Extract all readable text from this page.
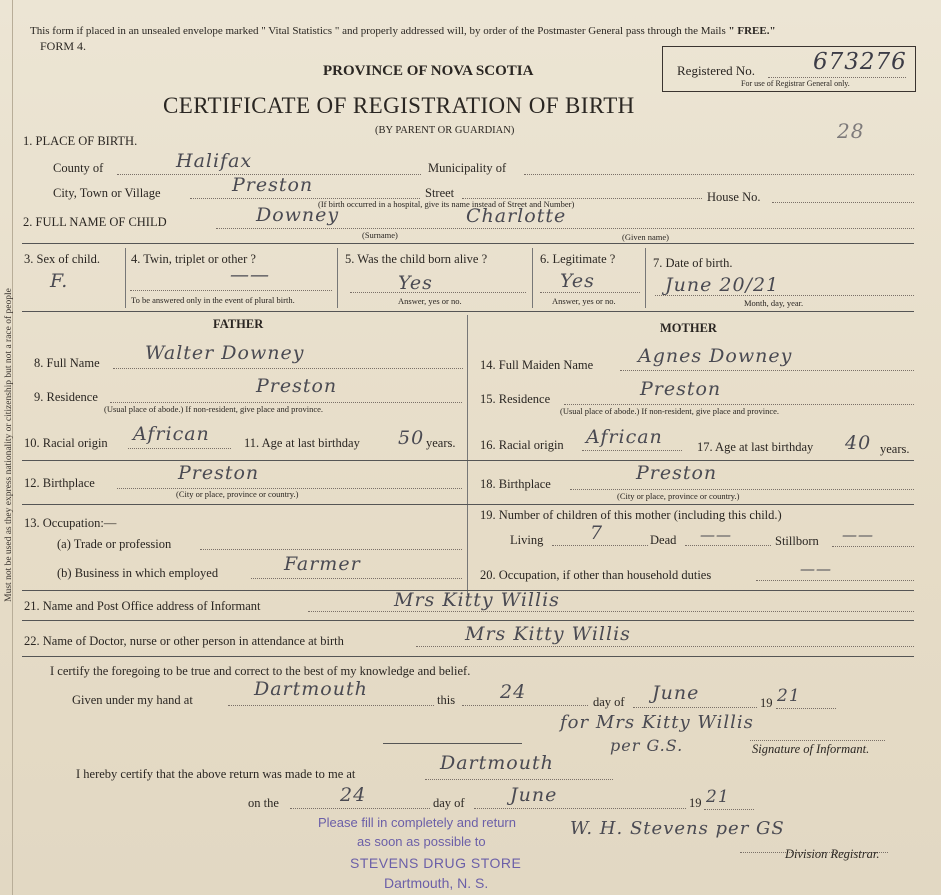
Must not be used as they express nationality or citizenship but not a race of people
This form if placed in an unsealed envelope marked " Vital Statistics " and properly addressed will, by order of the Postmaster General pass through the Mails " FREE."
FORM 4.
PROVINCE OF NOVA SCOTIA
CERTIFICATE OF REGISTRATION OF BIRTH
(BY PARENT OR GUARDIAN)
Registered No.	673276
For use of Registrar General only.
28
1. PLACE OF BIRTH.
County of	Halifax	Municipality of
City, Town or Village	Preston	Street	House No.
(If birth occurred in a hospital, give its name instead of Street and Number)
2. FULL NAME OF CHILD	Downey
(Surname)
Charlotte
(Given name)
3. Sex of child.
F.
4. Twin, triplet or other ?
——
To be answered only in the event of plural birth.
5. Was the child born alive ?
Yes
Answer, yes or no.
6. Legitimate ?
Yes
Answer, yes or no.
7. Date of birth.
June 20/21
Month, day, year.
FATHER
8. Full Name Walter Downey
9. Residence	Preston
(Usual place of abode.) If non-resident, give place and province.
10. Racial origin African	11. Age at last birthday 50 years.
12. Birthplace	Preston
(City or place, province or country.)
13. Occupation:—
(a) Trade or profession
(b) Business in which employed	Farmer
MOTHER
14. Full Maiden Name Agnes Downey
15. Residence	Preston
(Usual place of abode.) If non-resident, give place and province.
16. Racial origin African	17. Age at last birthday 40 years.
18. Birthplace	Preston
(City or place, province or country.)
19. Number of children of this mother (including this child.)
Living 7	Dead ——	Stillborn ——
20. Occupation, if other than household duties	——
21. Name and Post Office address of Informant	Mrs Kitty Willis
22. Name of Doctor, nurse or other person in attendance at birth	Mrs Kitty Willis
I certify the foregoing to be true and correct to the best of my knowledge and belief.
Given under my hand at	Dartmouth	this 24	day of June	19 21
for Mrs Kitty Willis
per G.S.	Signature of Informant.
I hereby certify that the above return was made to me at	Dartmouth
on the	24	day of June	19 21
W. H. Stevens per GS
Division Registrar.
Please fill in completely and return
as soon as possible to
STEVENS DRUG STORE
Dartmouth, N. S.
